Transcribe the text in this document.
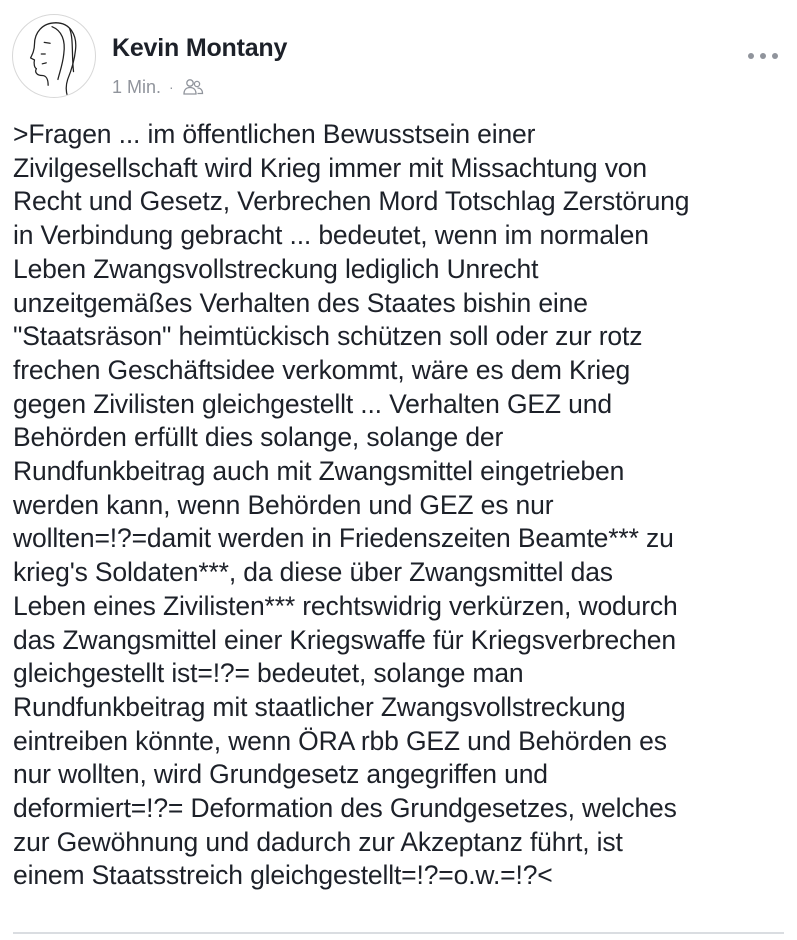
Kevin Montany
1 Min. ·
>Fragen ... im öffentlichen Bewusstsein einer
Zivilgesellschaft wird Krieg immer mit Missachtung von
Recht und Gesetz, Verbrechen Mord Totschlag Zerstörung
in Verbindung gebracht ... bedeutet, wenn im normalen
Leben Zwangsvollstreckung lediglich Unrecht
unzeitgemäßes Verhalten des Staates bishin eine
"Staatsräson" heimtückisch schützen soll oder zur rotz
frechen Geschäftsidee verkommt, wäre es dem Krieg
gegen Zivilisten gleichgestellt ... Verhalten GEZ und
Behörden erfüllt dies solange, solange der
Rundfunkbeitrag auch mit Zwangsmittel eingetrieben
werden kann, wenn Behörden und GEZ es nur
wollten=!?=damit werden in Friedenszeiten Beamte*** zu
krieg's Soldaten***, da diese über Zwangsmittel das
Leben eines Zivilisten*** rechtswidrig verkürzen, wodurch
das Zwangsmittel einer Kriegswaffe für Kriegsverbrechen
gleichgestellt ist=!?= bedeutet, solange man
Rundfunkbeitrag mit staatlicher Zwangsvollstreckung
eintreiben könnte, wenn ÖRA rbb GEZ und Behörden es
nur wollten, wird Grundgesetz angegriffen und
deformiert=!?= Deformation des Grundgesetzes, welches
zur Gewöhnung und dadurch zur Akzeptanz führt, ist
einem Staatsstreich gleichgestellt=!?=o.w.=!?<
